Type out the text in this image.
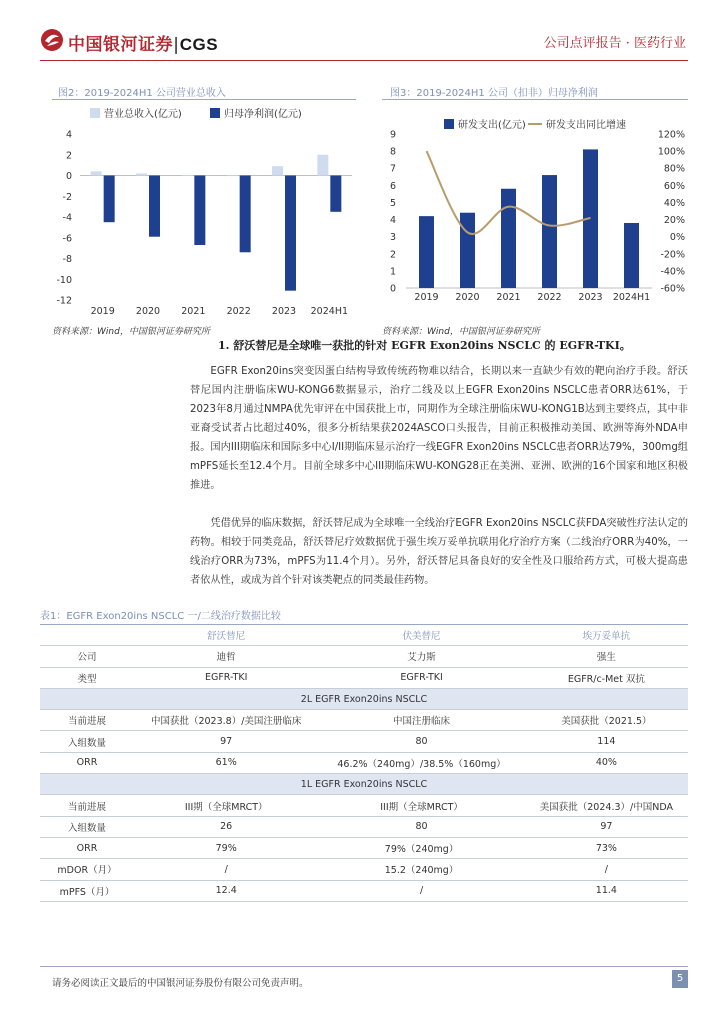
中国银河证券|CGS	公司点评报告 · 医药行业
图2：2019-2024H1 公司营业总收入
营业总收入(亿元)	归母净利润(亿元)
-12
-10
-8
-6
-4
-2
0
2
4
2019 2020 2021 2022 2023 2024H1
资料来源：Wind，中国银河证券研究所
图3：2019-2024H1 公司（扣非）归母净利润
研发支出(亿元) 研发支出同比增速
0
1
2
3
4
5
6
7
8
9
-60%
-40%
-20%
0%
20%
40%
60%
80%
100%
120%
2019 2020 2021 2022 2023 2024H1
资料来源：Wind，中国银河证券研究所
1. 舒沃替尼是全球唯一获批的针对 EGFR Exon20ins NSCLC 的 EGFR-TKI。
EGFR Exon20ins突变因蛋白结构导致传统药物难以结合，长期以来一直缺少有效的靶向治疗手段。舒沃替尼国内注册临床WU-KONG6数据显示，治疗二线及以上EGFR Exon20ins NSCLC患者ORR达61%，于2023年8月通过NMPA优先审评在中国获批上市，同期作为全球注册临床WU-KONG1B达到主要终点，其中非亚裔受试者占比超过40%，很多分析结果获2024ASCO口头报告，目前正积极推动美国、欧洲等海外NDA申报。国内III期临床和国际多中心I/II期临床显示治疗一线EGFR Exon20ins NSCLC患者ORR达79%，300mg组mPFS延长至12.4个月。目前全球多中心III期临床WU-KONG28正在美洲、亚洲、欧洲的16个国家和地区积极推进。
凭借优异的临床数据，舒沃替尼成为全球唯一全线治疗EGFR Exon20ins NSCLC获FDA突破性疗法认定的药物。相较于同类竞品，舒沃替尼疗效数据优于强生埃万妥单抗联用化疗治疗方案（二线治疗ORR为40%，一线治疗ORR为73%，mPFS为11.4个月）。另外，舒沃替尼具备良好的安全性及口服给药方式，可极大提高患者依从性，或成为首个针对该类靶点的同类最佳药物。
表1：EGFR Exon20ins NSCLC 一/二线治疗数据比较
	舒沃替尼	伏美替尼	埃万妥单抗
公司	迪哲	艾力斯	强生
类型	EGFR-TKI	EGFR-TKI	EGFR/c-Met 双抗
2L EGFR Exon20ins NSCLC			
当前进展	中国获批（2023.8）/美国注册临床	中国注册临床	美国获批（2021.5）
入组数量	97	80	114
ORR	61%	46.2%（240mg）/38.5%（160mg）	40%
1L EGFR Exon20ins NSCLC			
当前进展	III期（全球MRCT）	III期（全球MRCT）	美国获批（2024.3）/中国NDA
入组数量	26	80	97
ORR	79%	79%（240mg）	73%
mDOR（月）	/	15.2（240mg）	/
mPFS（月）	12.4	/	11.4
请务必阅读正文最后的中国银河证券股份有限公司免责声明。	5
